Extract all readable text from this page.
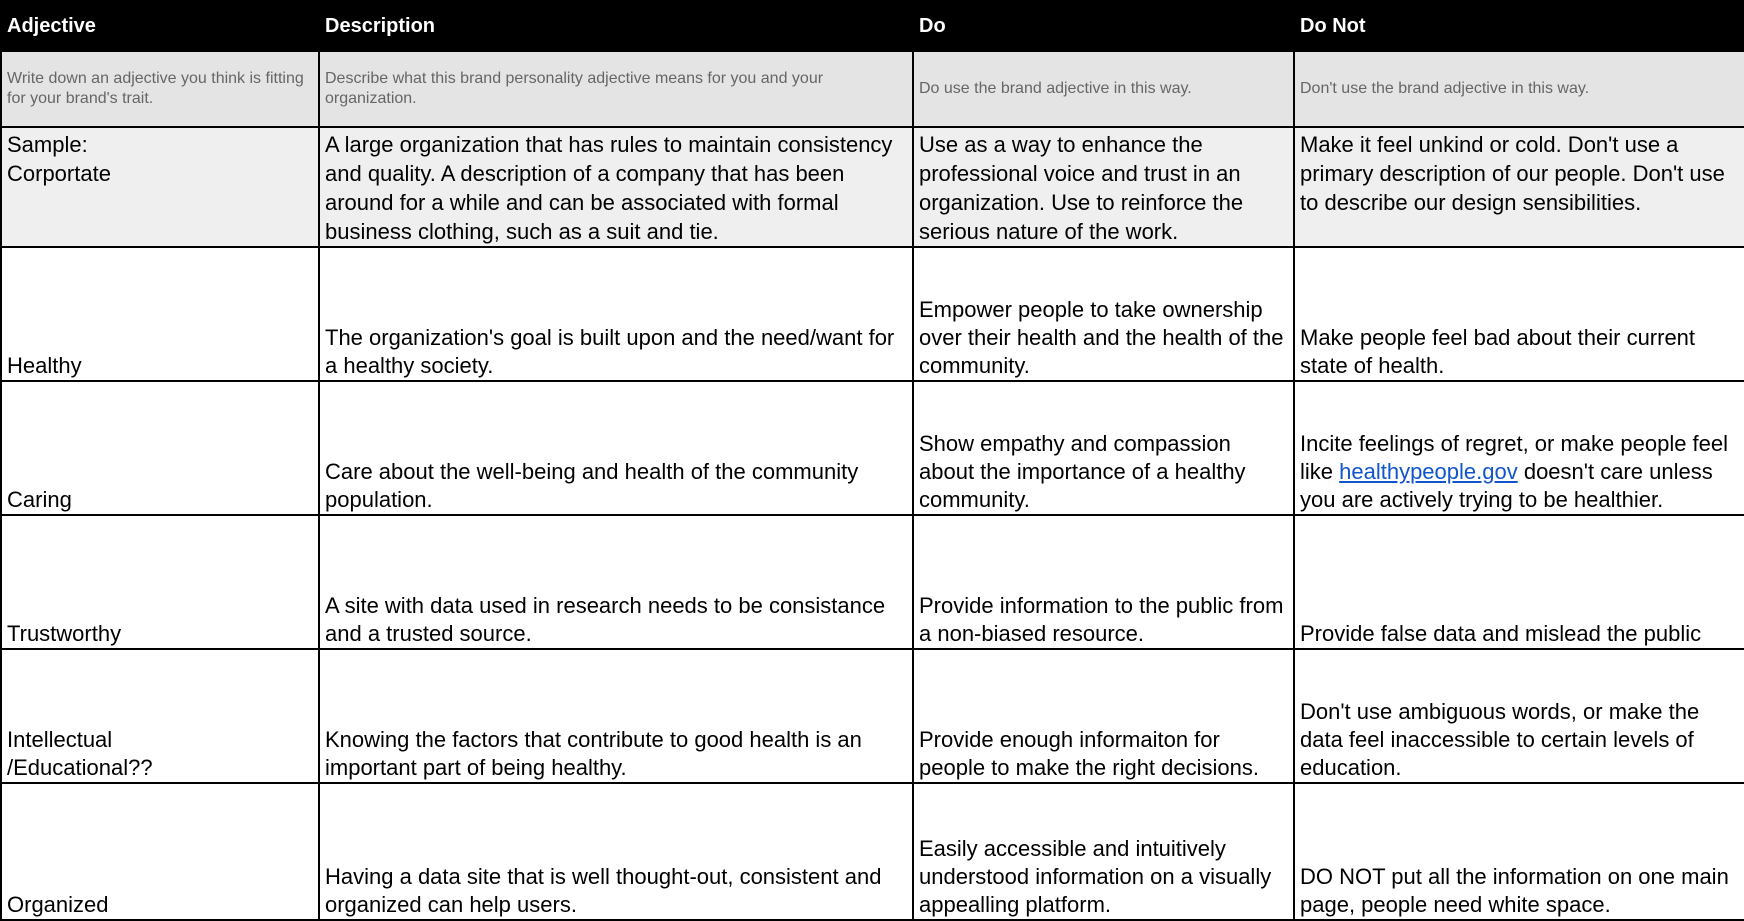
Adjective	Description	Do	Do Not
Write down an adjective you think is fitting for your brand's trait.	Describe what this brand personality adjective means for you and your organization.	Do use the brand adjective in this way.	Don't use the brand adjective in this way.

Sample:
Corportate	A large organization that has rules to maintain consistency and quality. A description of a company that has been around for a while and can be associated with formal business clothing, such as a suit and tie.	Use as a way to enhance the professional voice and trust in an organization. Use to reinforce the serious nature of the work.	Make it feel unkind or cold. Don't use a primary description of our people. Don't use to describe our design sensibilities.
Healthy	The organization's goal is built upon and the need/want for a healthy society.	Empower people to take ownership over their health and the health of the community.	Make people feel bad about their current state of health.
Caring	Care about the well-being and health of the community population.	Show empathy and compassion about the importance of a healthy community.	Incite feelings of regret, or make people feel like healthypeople.gov doesn't care unless you are actively trying to be healthier.
Trustworthy	A site with data used in research needs to be consistance and a trusted source.	Provide information to the public from a non-biased resource.	Provide false data and mislead the public

Intellectual
/Educational??	Knowing the factors that contribute to good health is an important part of being healthy.	Provide enough informaiton for people to make the right decisions.	Don't use ambiguous words, or make the data feel inaccessible to certain levels of education.
Organized	Having a data site that is well thought-out, consistent and organized can help users.	Easily accessible and intuitively understood information on a visually appealling platform.	DO NOT put all the information on one main page, people need white space.
